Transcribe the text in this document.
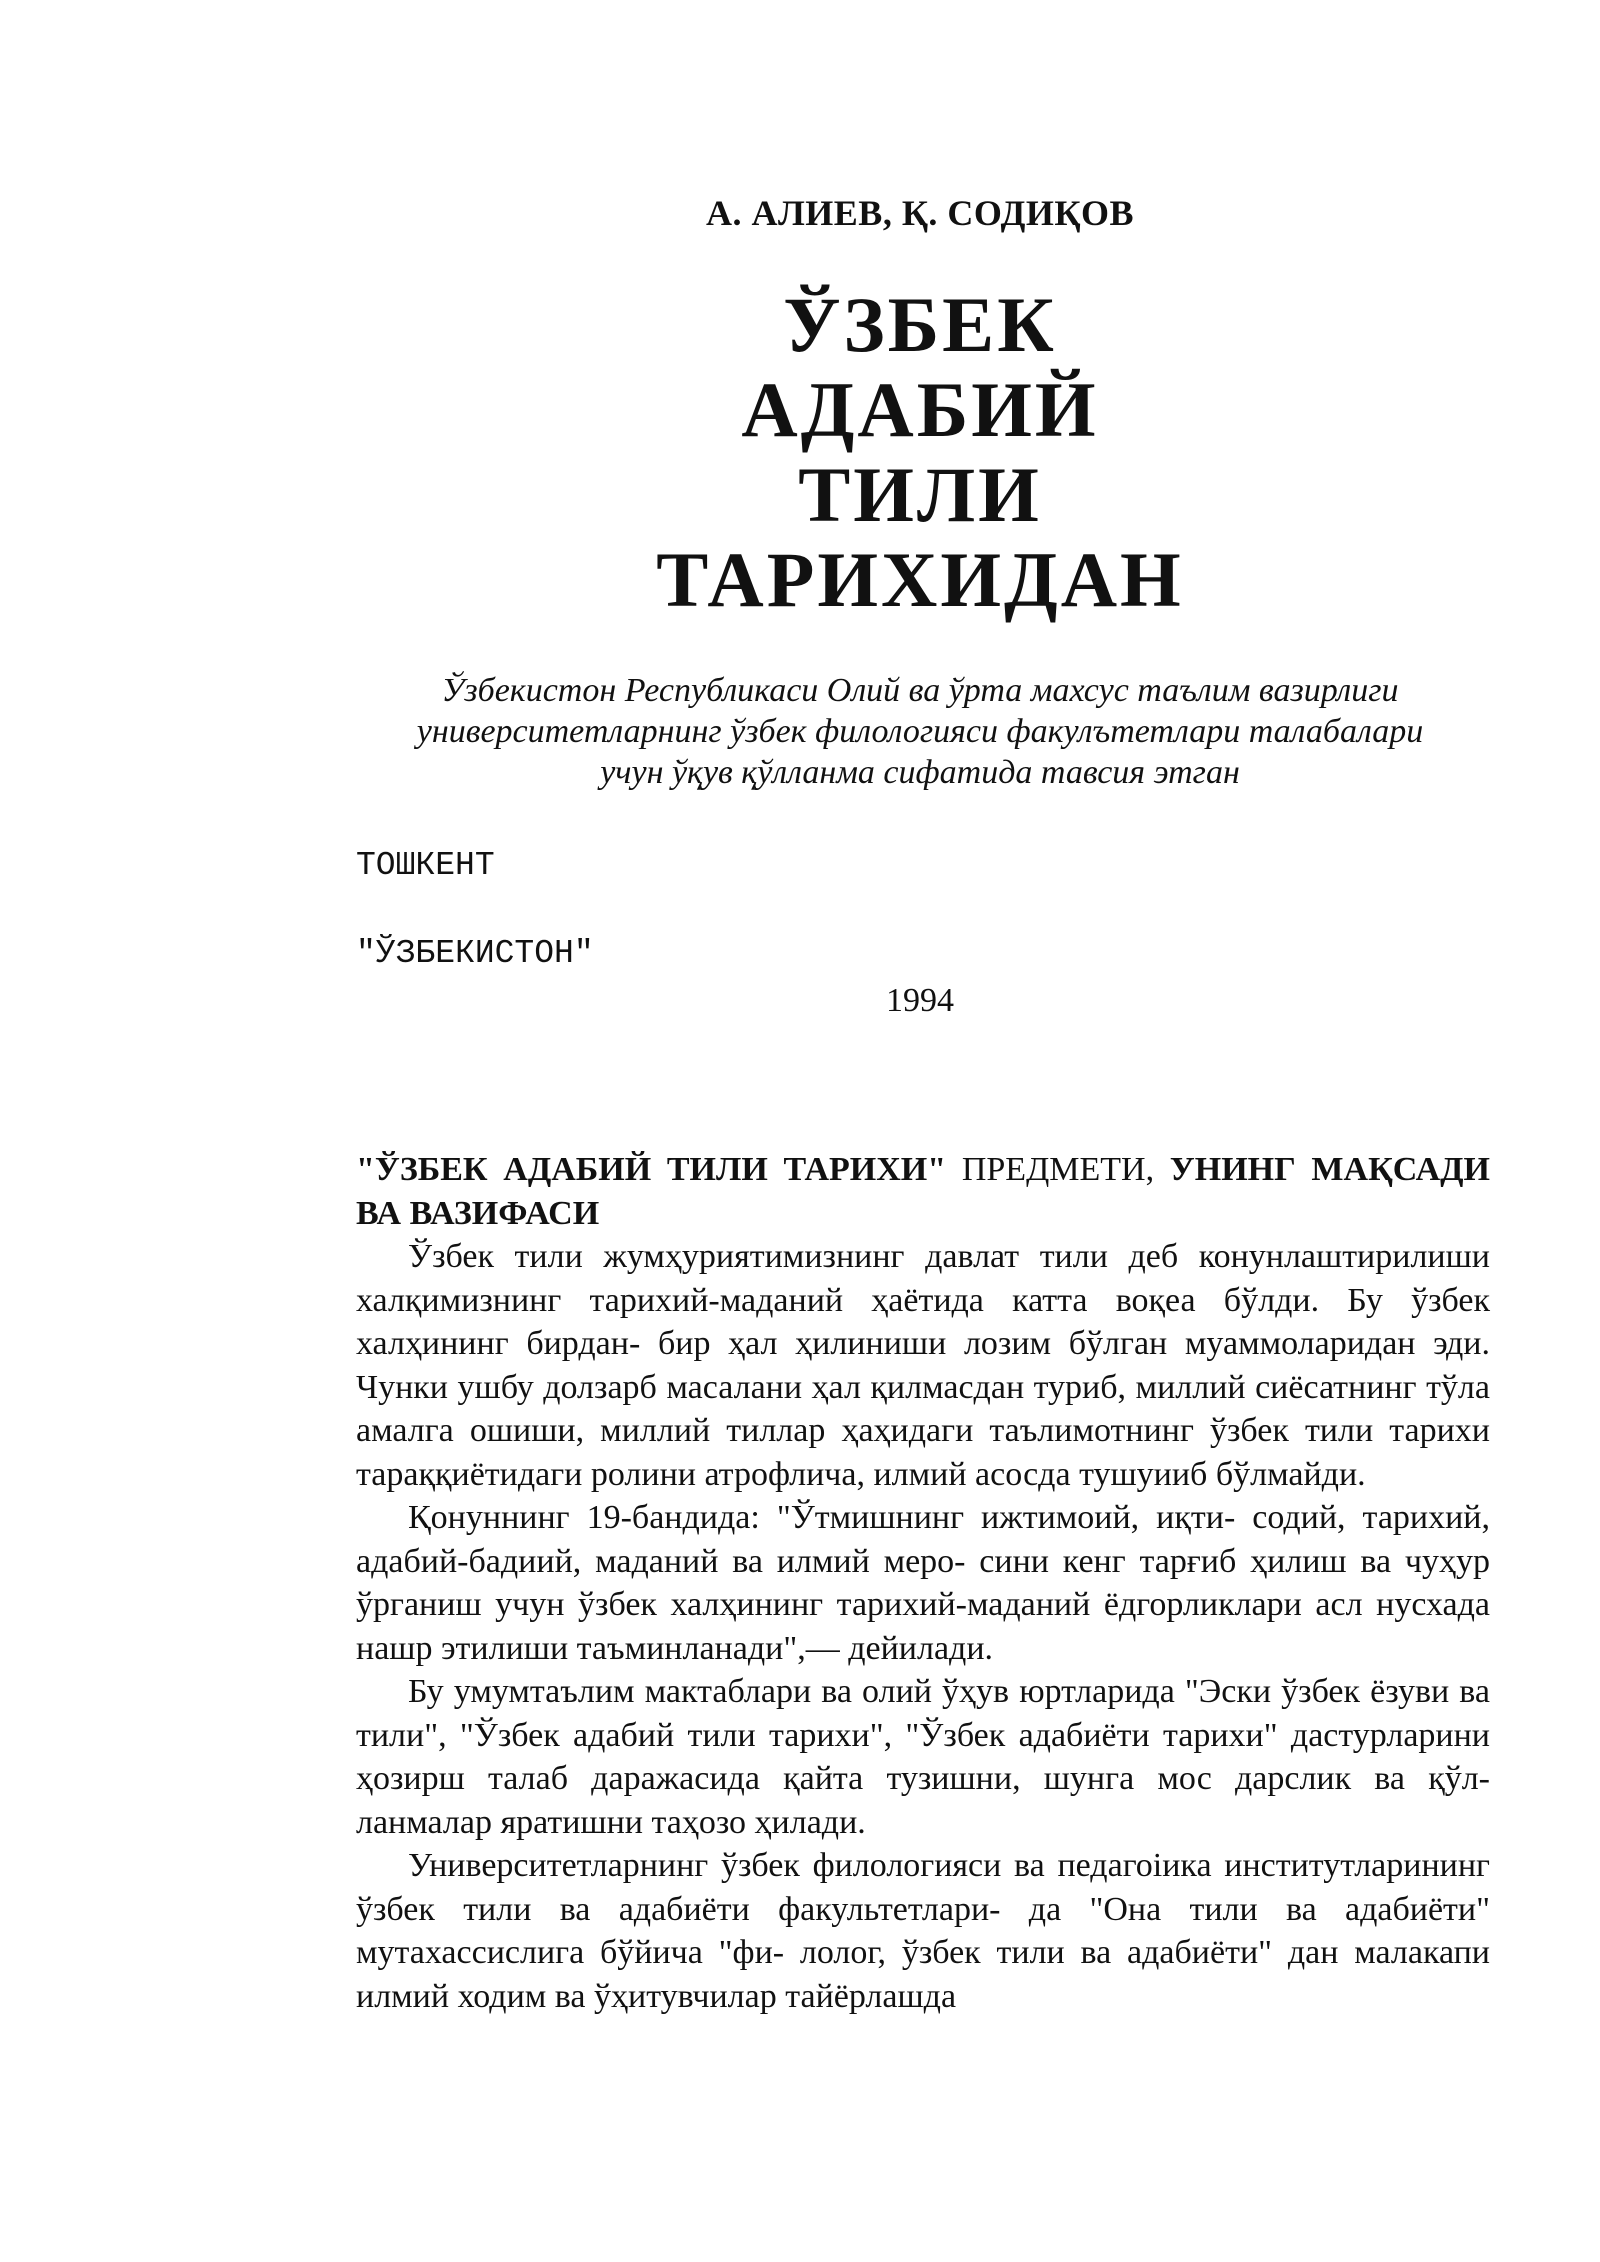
А. АЛИЕВ, Қ. СОДИҚОВ
ЎЗБЕК
АДАБИЙ
ТИЛИ
ТАРИХИДАН
Ўзбекистон Республикаси Олий ва ўрта махсус таълим вазирлиги
университетларнинг ўзбек филологияси факулътетлари талабалари
учун ўқув қўлланма сифатида тавсия этган
ТОШКЕНТ
"ЎЗБЕКИСТОН"
1994

"ЎЗБЕК АДАБИЙ ТИЛИ ТАРИХИ" ПРЕДМЕТИ, УНИНГ МАҚСАДИ ВА ВАЗИФАСИ

Ўзбек тили жумҳуриятимизнинг давлат тили деб конунлаштирилиши халқимизнинг тарихий-маданий ҳаётида катта воқеа бўлди. Бу ўзбек халҳининг бирдан- бир ҳал ҳилиниши лозим бўлган муаммоларидан эди. Чунки ушбу долзарб масалани ҳал қилмасдан туриб, миллий сиёсатнинг тўла амалга ошиши, миллий тиллар ҳаҳидаги таълимотнинг ўзбек тили тарихи тараққиётидаги ролини атрофлича, илмий асосда тушуииб бўлмайди.

Қонуннинг 19-бандида: "Ўтмишнинг ижтимоий, иқти- содий, тарихий, адабий-бадиий, маданий ва илмий меро- сини кенг тарғиб ҳилиш ва чуҳур ўрганиш учун ўзбек халҳининг тарихий-маданий ёдгорликлари асл нусхада нашр этилиши таъминланади",— дейилади.

Бу умумтаълим мактаблари ва олий ўҳув юртларида "Эски ўзбек ёзуви ва тили", "Ўзбек адабий тили тарихи", "Ўзбек адабиёти тарихи" дастурларини ҳозирш талаб даражасида қайта тузишни, шунга мос дарслик ва қўл- ланмалар яратишни таҳозо ҳилади.

Университетларнинг ўзбек филологияси ва педагоіика институтларининг ўзбек тили ва адабиёти факультетлари- да "Она тили ва адабиёти" мутахассислига бўйича "фи- лолог, ўзбек тили ва адабиёти" дан малакапи илмий ходим ва ўҳитувчилар тайёрлашда
